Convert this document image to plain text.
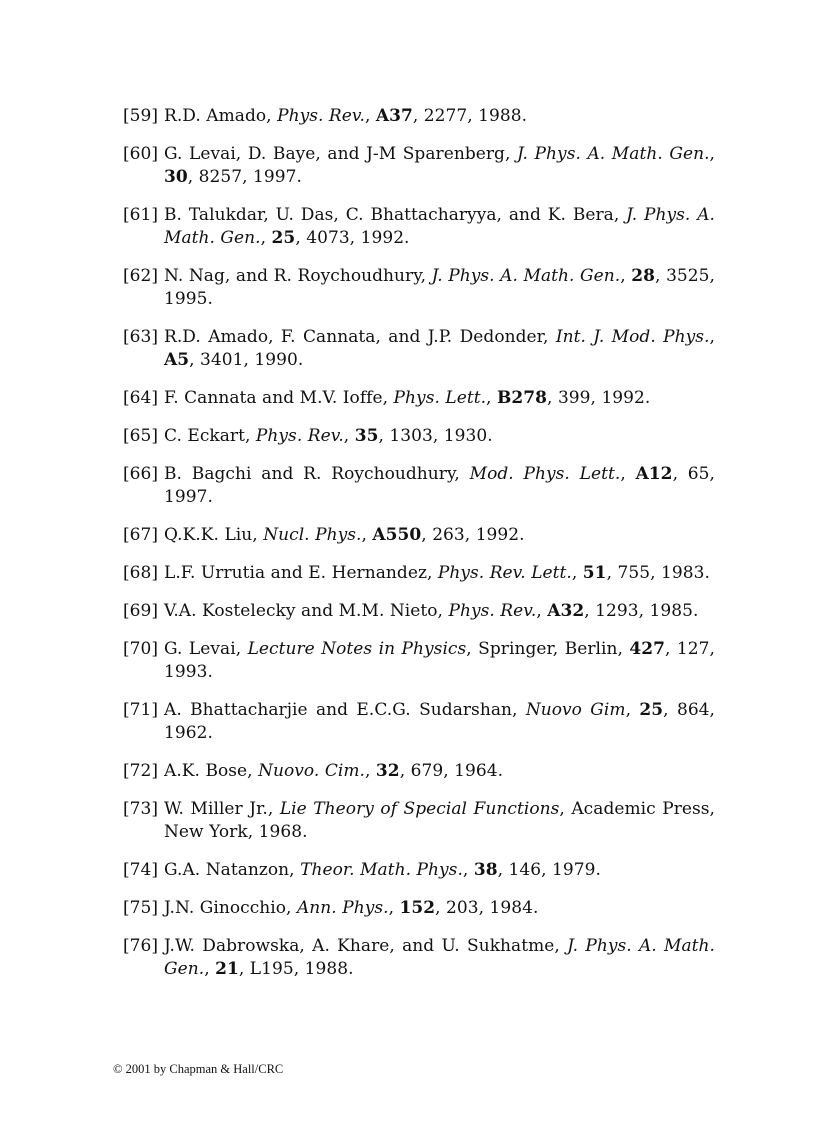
[59] R.D. Amado, Phys. Rev., A37, 2277, 1988.
[60] G. Levai, D. Baye, and J-M Sparenberg, J. Phys. A. Math. Gen., 30, 8257, 1997.
[61] B. Talukdar, U. Das, C. Bhattacharyya, and K. Bera, J. Phys. A. Math. Gen., 25, 4073, 1992.
[62] N. Nag, and R. Roychoudhury, J. Phys. A. Math. Gen., 28, 3525, 1995.
[63] R.D. Amado, F. Cannata, and J.P. Dedonder, Int. J. Mod. Phys., A5, 3401, 1990.
[64] F. Cannata and M.V. Ioffe, Phys. Lett., B278, 399, 1992.
[65] C. Eckart, Phys. Rev., 35, 1303, 1930.
[66] B. Bagchi and R. Roychoudhury, Mod. Phys. Lett., A12, 65, 1997.
[67] Q.K.K. Liu, Nucl. Phys., A550, 263, 1992.
[68] L.F. Urrutia and E. Hernandez, Phys. Rev. Lett., 51, 755, 1983.
[69] V.A. Kostelecky and M.M. Nieto, Phys. Rev., A32, 1293, 1985.
[70] G. Levai, Lecture Notes in Physics, Springer, Berlin, 427, 127, 1993.
[71] A. Bhattacharjie and E.C.G. Sudarshan, Nuovo Gim, 25, 864, 1962.
[72] A.K. Bose, Nuovo. Cim., 32, 679, 1964.
[73] W. Miller Jr., Lie Theory of Special Functions, Academic Press, New York, 1968.
[74] G.A. Natanzon, Theor. Math. Phys., 38, 146, 1979.
[75] J.N. Ginocchio, Ann. Phys., 152, 203, 1984.
[76] J.W. Dabrowska, A. Khare, and U. Sukhatme, J. Phys. A. Math. Gen., 21, L195, 1988.
© 2001 by Chapman & Hall/CRC
